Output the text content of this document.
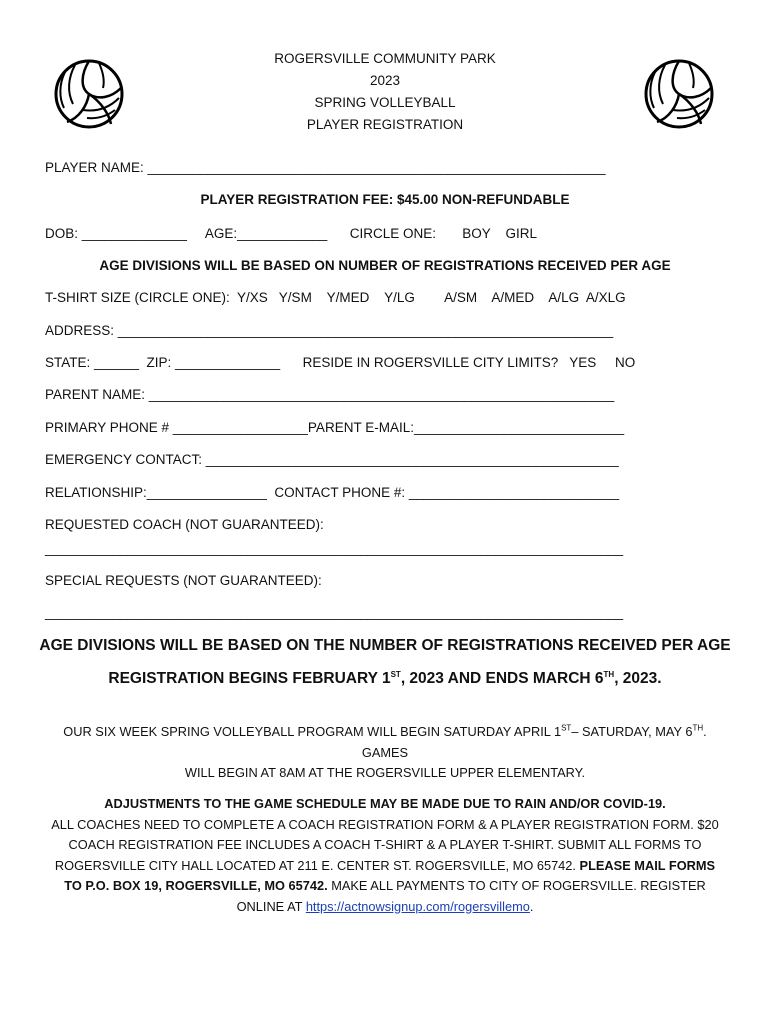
ROGERSVILLE COMMUNITY PARK
2023
SPRING VOLLEYBALL
PLAYER REGISTRATION
PLAYER NAME: _____________________________________________________________
PLAYER REGISTRATION FEE: $45.00 NON-REFUNDABLE
DOB: ______________     AGE:____________      CIRCLE ONE:       BOY    GIRL
AGE DIVISIONS WILL BE BASED ON NUMBER OF REGISTRATIONS RECEIVED PER AGE
T-SHIRT SIZE (CIRCLE ONE):  Y/XS   Y/SM    Y/MED    Y/LG        A/SM    A/MED    A/LG  A/XLG
ADDRESS: __________________________________________________________________
STATE: ______  ZIP: ______________      RESIDE IN ROGERSVILLE CITY LIMITS?   YES     NO
PARENT NAME: ______________________________________________________________
PRIMARY PHONE # __________________PARENT E-MAIL:____________________________
EMERGENCY CONTACT: _______________________________________________________
RELATIONSHIP:________________  CONTACT PHONE #: ____________________________
REQUESTED COACH (NOT GUARANTEED):
_____________________________________________________________________________
SPECIAL REQUESTS (NOT GUARANTEED):
_____________________________________________________________________________
AGE DIVISIONS WILL BE BASED ON THE NUMBER OF REGISTRATIONS RECEIVED PER AGE
REGISTRATION BEGINS FEBRUARY 1ST, 2023 AND ENDS MARCH 6TH, 2023.
OUR SIX WEEK SPRING VOLLEYBALL PROGRAM WILL BEGIN SATURDAY APRIL 1ST– SATURDAY, MAY 6TH. GAMES
WILL BEGIN AT 8AM AT THE ROGERSVILLE UPPER ELEMENTARY.
ADJUSTMENTS TO THE GAME SCHEDULE MAY BE MADE DUE TO RAIN AND/OR COVID-19.
ALL COACHES NEED TO COMPLETE A COACH REGISTRATION FORM & A PLAYER REGISTRATION FORM. $20 COACH REGISTRATION FEE INCLUDES A COACH T-SHIRT & A PLAYER T-SHIRT. SUBMIT ALL FORMS TO ROGERSVILLE CITY HALL LOCATED AT 211 E. CENTER ST. ROGERSVILLE, MO 65742. PLEASE MAIL FORMS TO P.O. BOX 19, ROGERSVILLE, MO 65742. MAKE ALL PAYMENTS TO CITY OF ROGERSVILLE. REGISTER ONLINE AT https://actnowsignup.com/rogersvillemo.
